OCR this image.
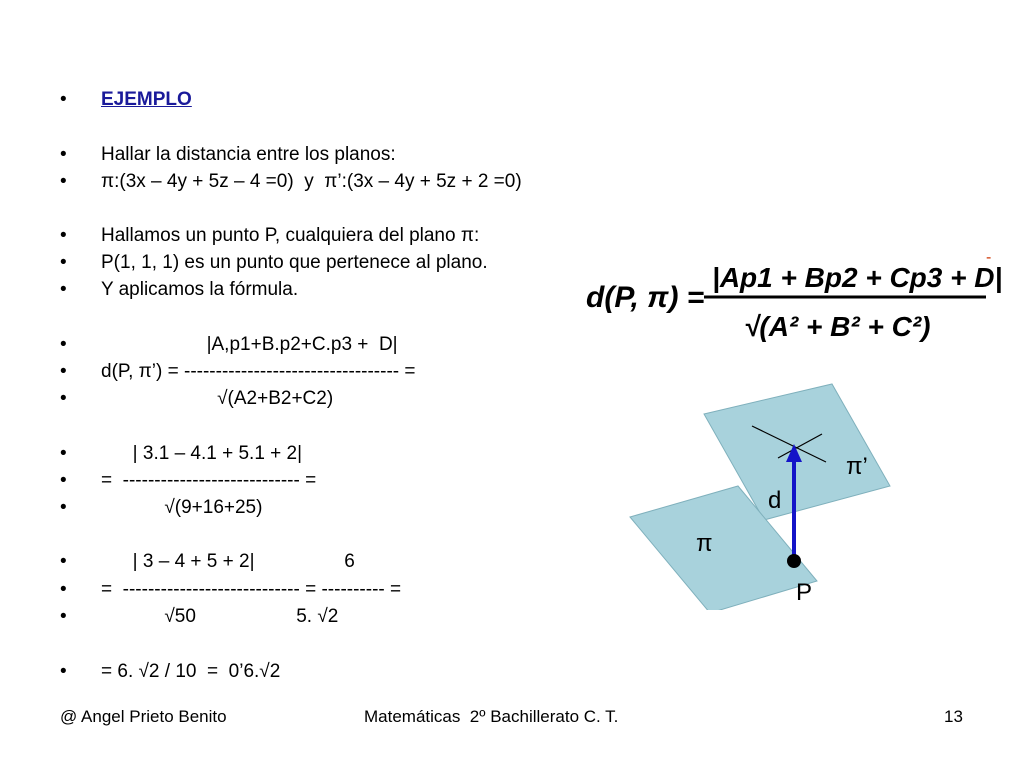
•

EJEMPLO

•

Hallar la distancia entre los planos:

•

π:(3x – 4y + 5z – 4 =0)  y  π’:(3x – 4y + 5z + 2 =0)

•

Hallamos un punto P, cualquiera del plano π:

•

P(1, 1, 1) es un punto que pertenece al plano.

•

Y aplicamos la fórmula.

•

|A,p1+B.p2+C.p3 +  D|

•

d(P, π’) = ---------------------------------- =

•

√(A2+B2+C2)

•

| 3.1 – 4.1 + 5.1 + 2|

•

=  ---------------------------- =

•

√(9+16+25)

•

| 3 – 4 + 5 + 2|                 6

•

=  ---------------------------- = ---------- =

•

√50                   5. √2

•

= 6. √2 / 10  =  0’6.√2

d(P, π) =
|Ap1 + Bp2 + Cp3 + D|
√(A² + B² + C²)
-
π’
d
π
P
@ Angel Prieto Benito	Matemáticas  2º Bachillerato C. T.	13
